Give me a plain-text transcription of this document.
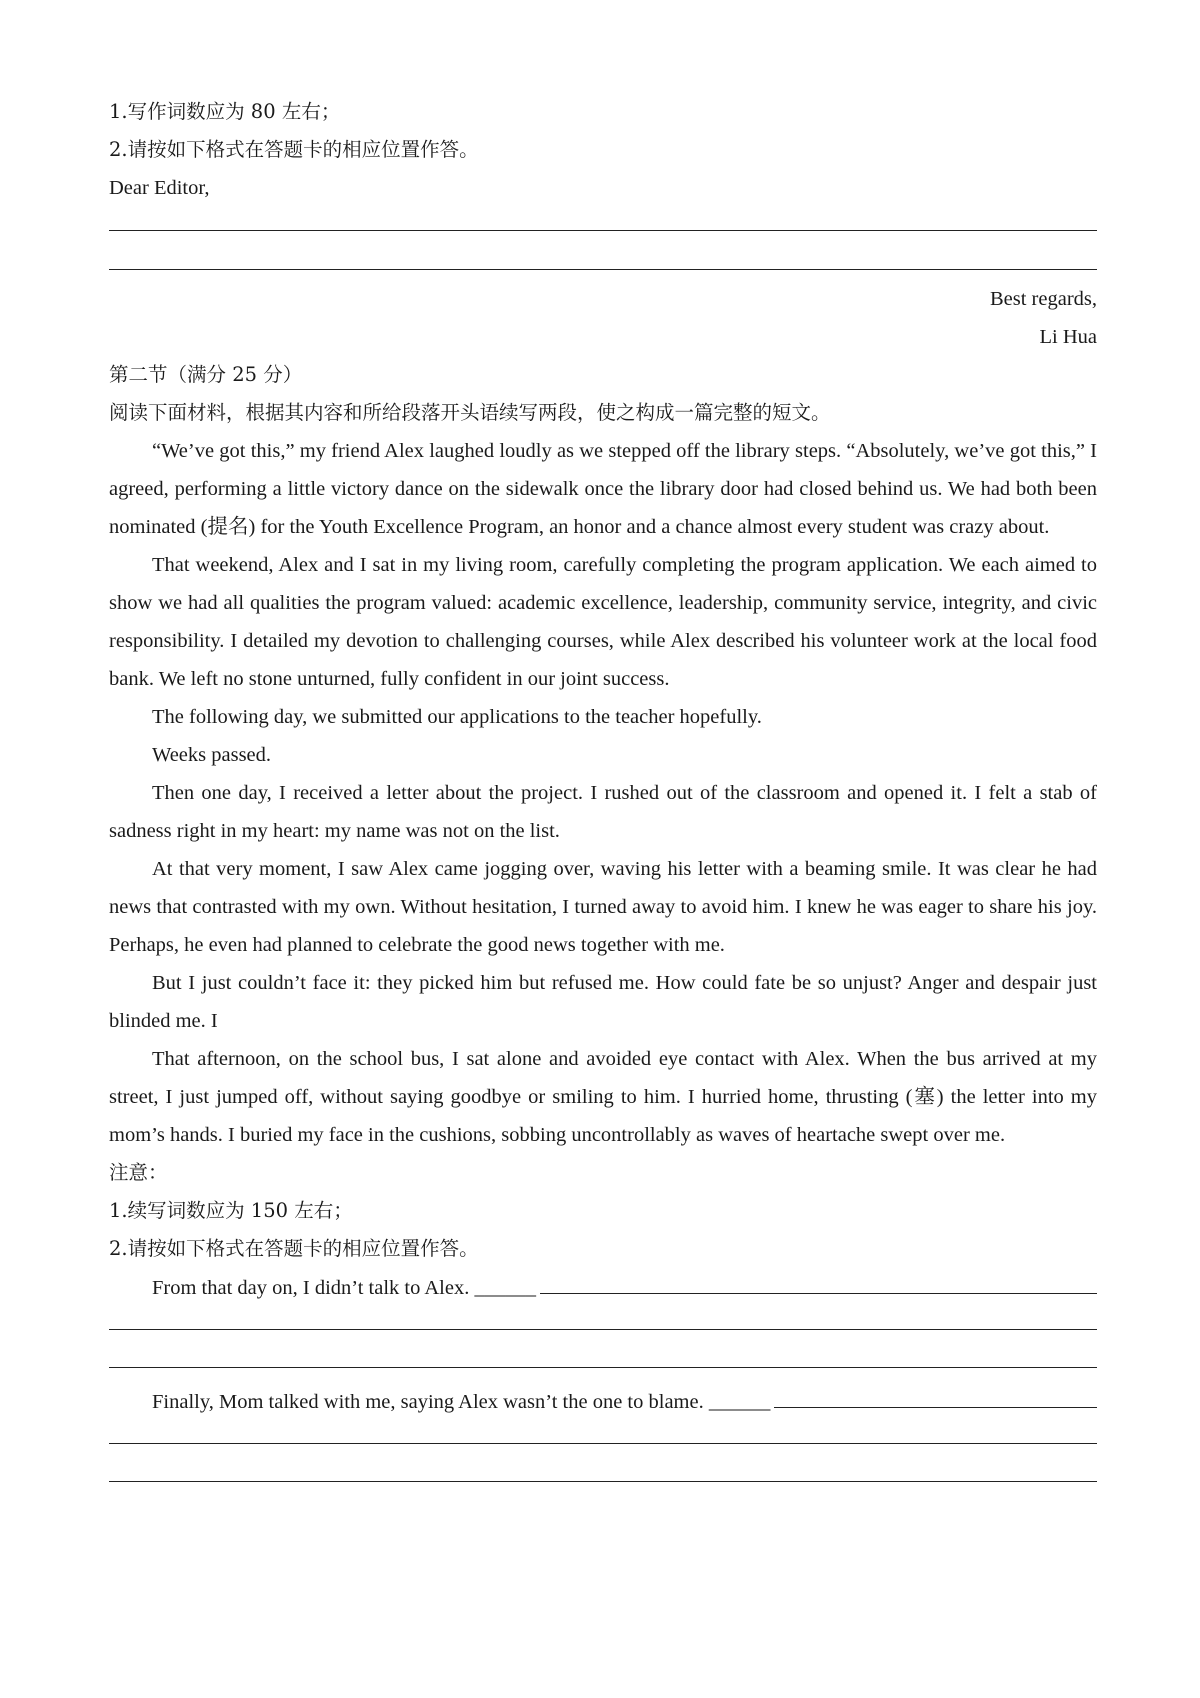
1.写作词数应为 80 左右；
2.请按如下格式在答题卡的相应位置作答。
Dear Editor,
Best regards,
Li Hua
第二节（满分 25 分）
阅读下面材料，根据其内容和所给段落开头语续写两段，使之构成一篇完整的短文。

“We’ve got this,” my friend Alex laughed loudly as we stepped off the library steps. “Absolutely, we’ve got this,” I agreed, performing a little victory dance on the sidewalk once the library door had closed behind us. We had both been nominated (提名) for the Youth Excellence Program, an honor and a chance almost every student was crazy about.

That weekend, Alex and I sat in my living room, carefully completing the program application. We each aimed to show we had all qualities the program valued: academic excellence, leadership, community service, integrity, and civic responsibility. I detailed my devotion to challenging courses, while Alex described his volunteer work at the local food bank. We left no stone unturned, fully confident in our joint success.

The following day, we submitted our applications to the teacher hopefully.

Weeks passed.

Then one day, I received a letter about the project. I rushed out of the classroom and opened it. I felt a stab of sadness right in my heart: my name was not on the list.

At that very moment, I saw Alex came jogging over, waving his letter with a beaming smile. It was clear he had news that contrasted with my own. Without hesitation, I turned away to avoid him. I knew he was eager to share his joy. Perhaps, he even had planned to celebrate the good news together with me.

But I just couldn’t face it: they picked him but refused me. How could fate be so unjust? Anger and despair just blinded me. I

That afternoon, on the school bus, I sat alone and avoided eye contact with Alex. When the bus arrived at my street, I just jumped off, without saying goodbye or smiling to him. I hurried home, thrusting (塞) the letter into my mom’s hands. I buried my face in the cushions, sobbing uncontrollably as waves of heartache swept over me.

注意：
1.续写词数应为 150 左右；
2.请按如下格式在答题卡的相应位置作答。
From that day on, I didn’t talk to Alex. ______
Finally, Mom talked with me, saying Alex wasn’t the one to blame. ______
